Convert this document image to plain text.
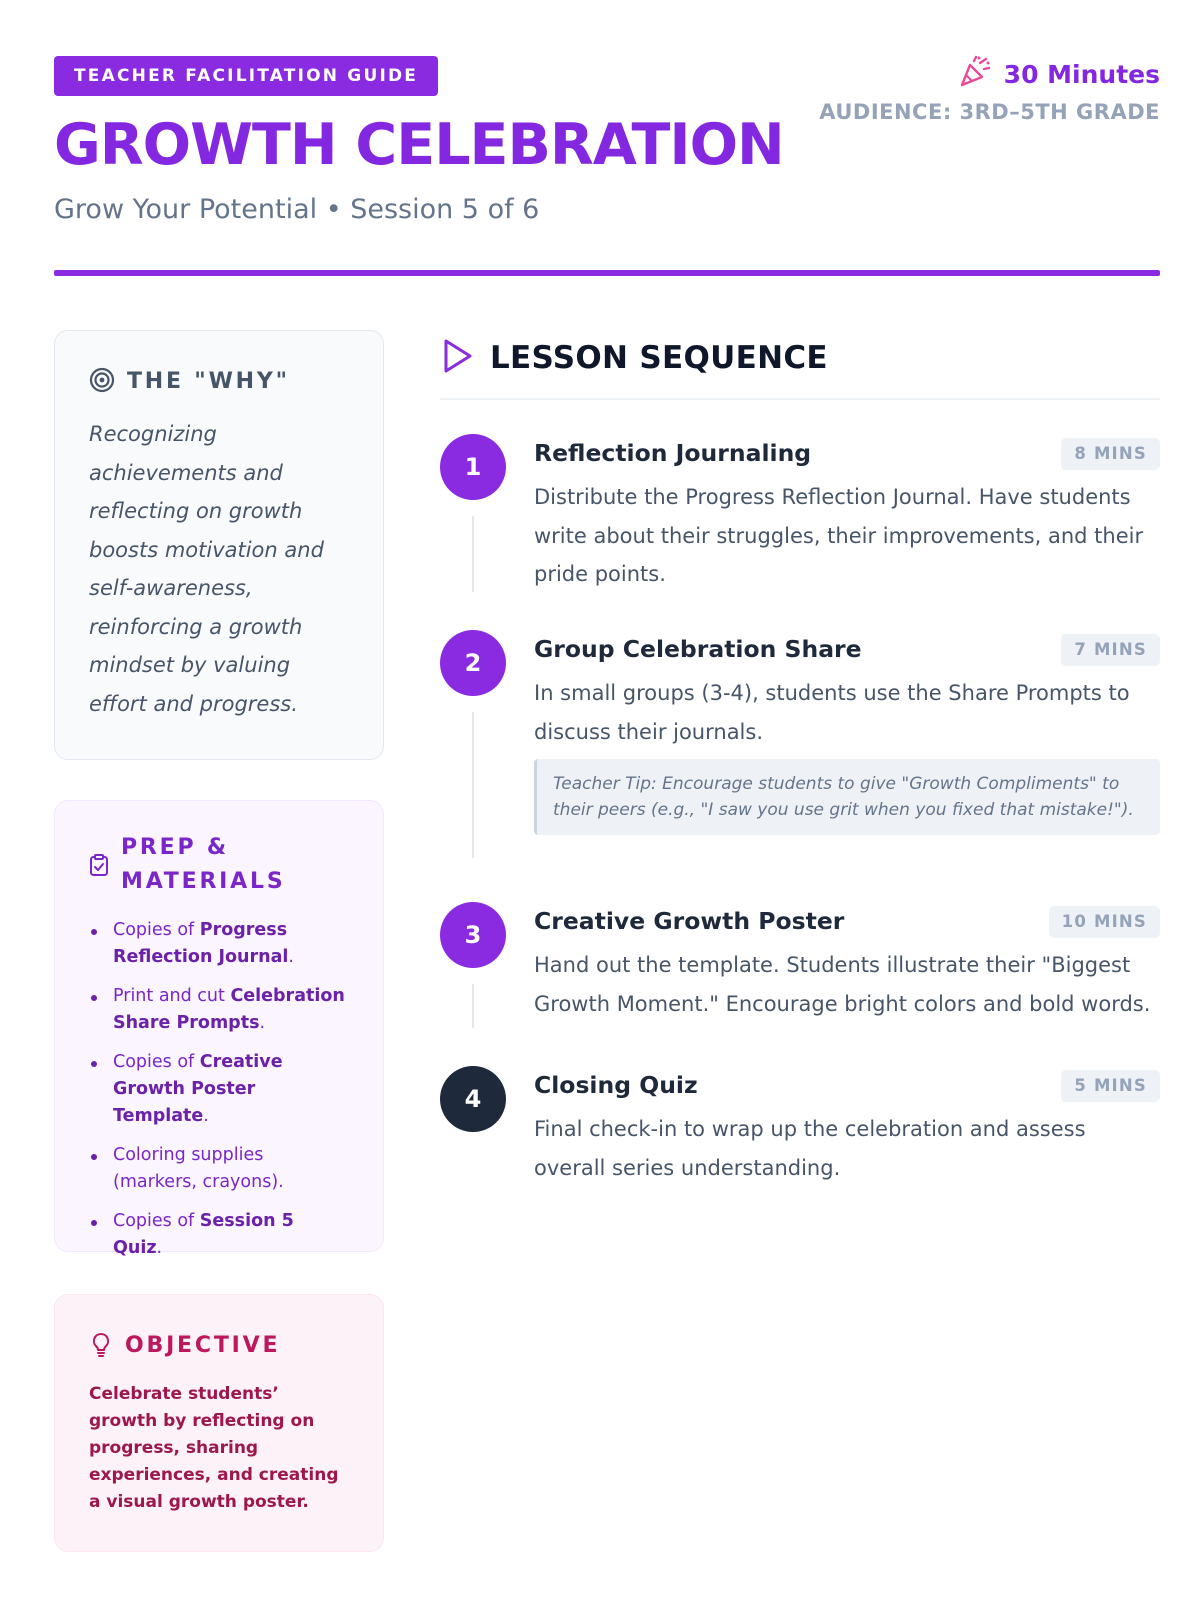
TEACHER FACILITATION GUIDE
GROWTH CELEBRATION
Grow Your Potential • Session 5 of 6
30 Minutes
AUDIENCE: 3RD–5TH GRADE
THE "WHY"
Recognizing achievements and reflecting on growth boosts motivation and self-awareness, reinforcing a growth mindset by valuing effort and progress.
PREP & MATERIALS
Copies of Progress Reflection Journal.
Print and cut Celebration Share Prompts.
Copies of Creative Growth Poster Template.
Coloring supplies (markers, crayons).
Copies of Session 5 Quiz.
OBJECTIVE
Celebrate students’ growth by reflecting on progress, sharing experiences, and creating a visual growth poster.
LESSON SEQUENCE
1	Reflection Journaling	8 MINS
Distribute the Progress Reflection Journal. Have students write about their struggles, their improvements, and their pride points.
2	Group Celebration Share	7 MINS
In small groups (3-4), students use the Share Prompts to discuss their journals.
Teacher Tip: Encourage students to give "Growth Compliments" to their peers (e.g., "I saw you use grit when you fixed that mistake!").
3	Creative Growth Poster	10 MINS
Hand out the template. Students illustrate their "Biggest Growth Moment." Encourage bright colors and bold words.
4	Closing Quiz	5 MINS
Final check-in to wrap up the celebration and assess overall series understanding.
